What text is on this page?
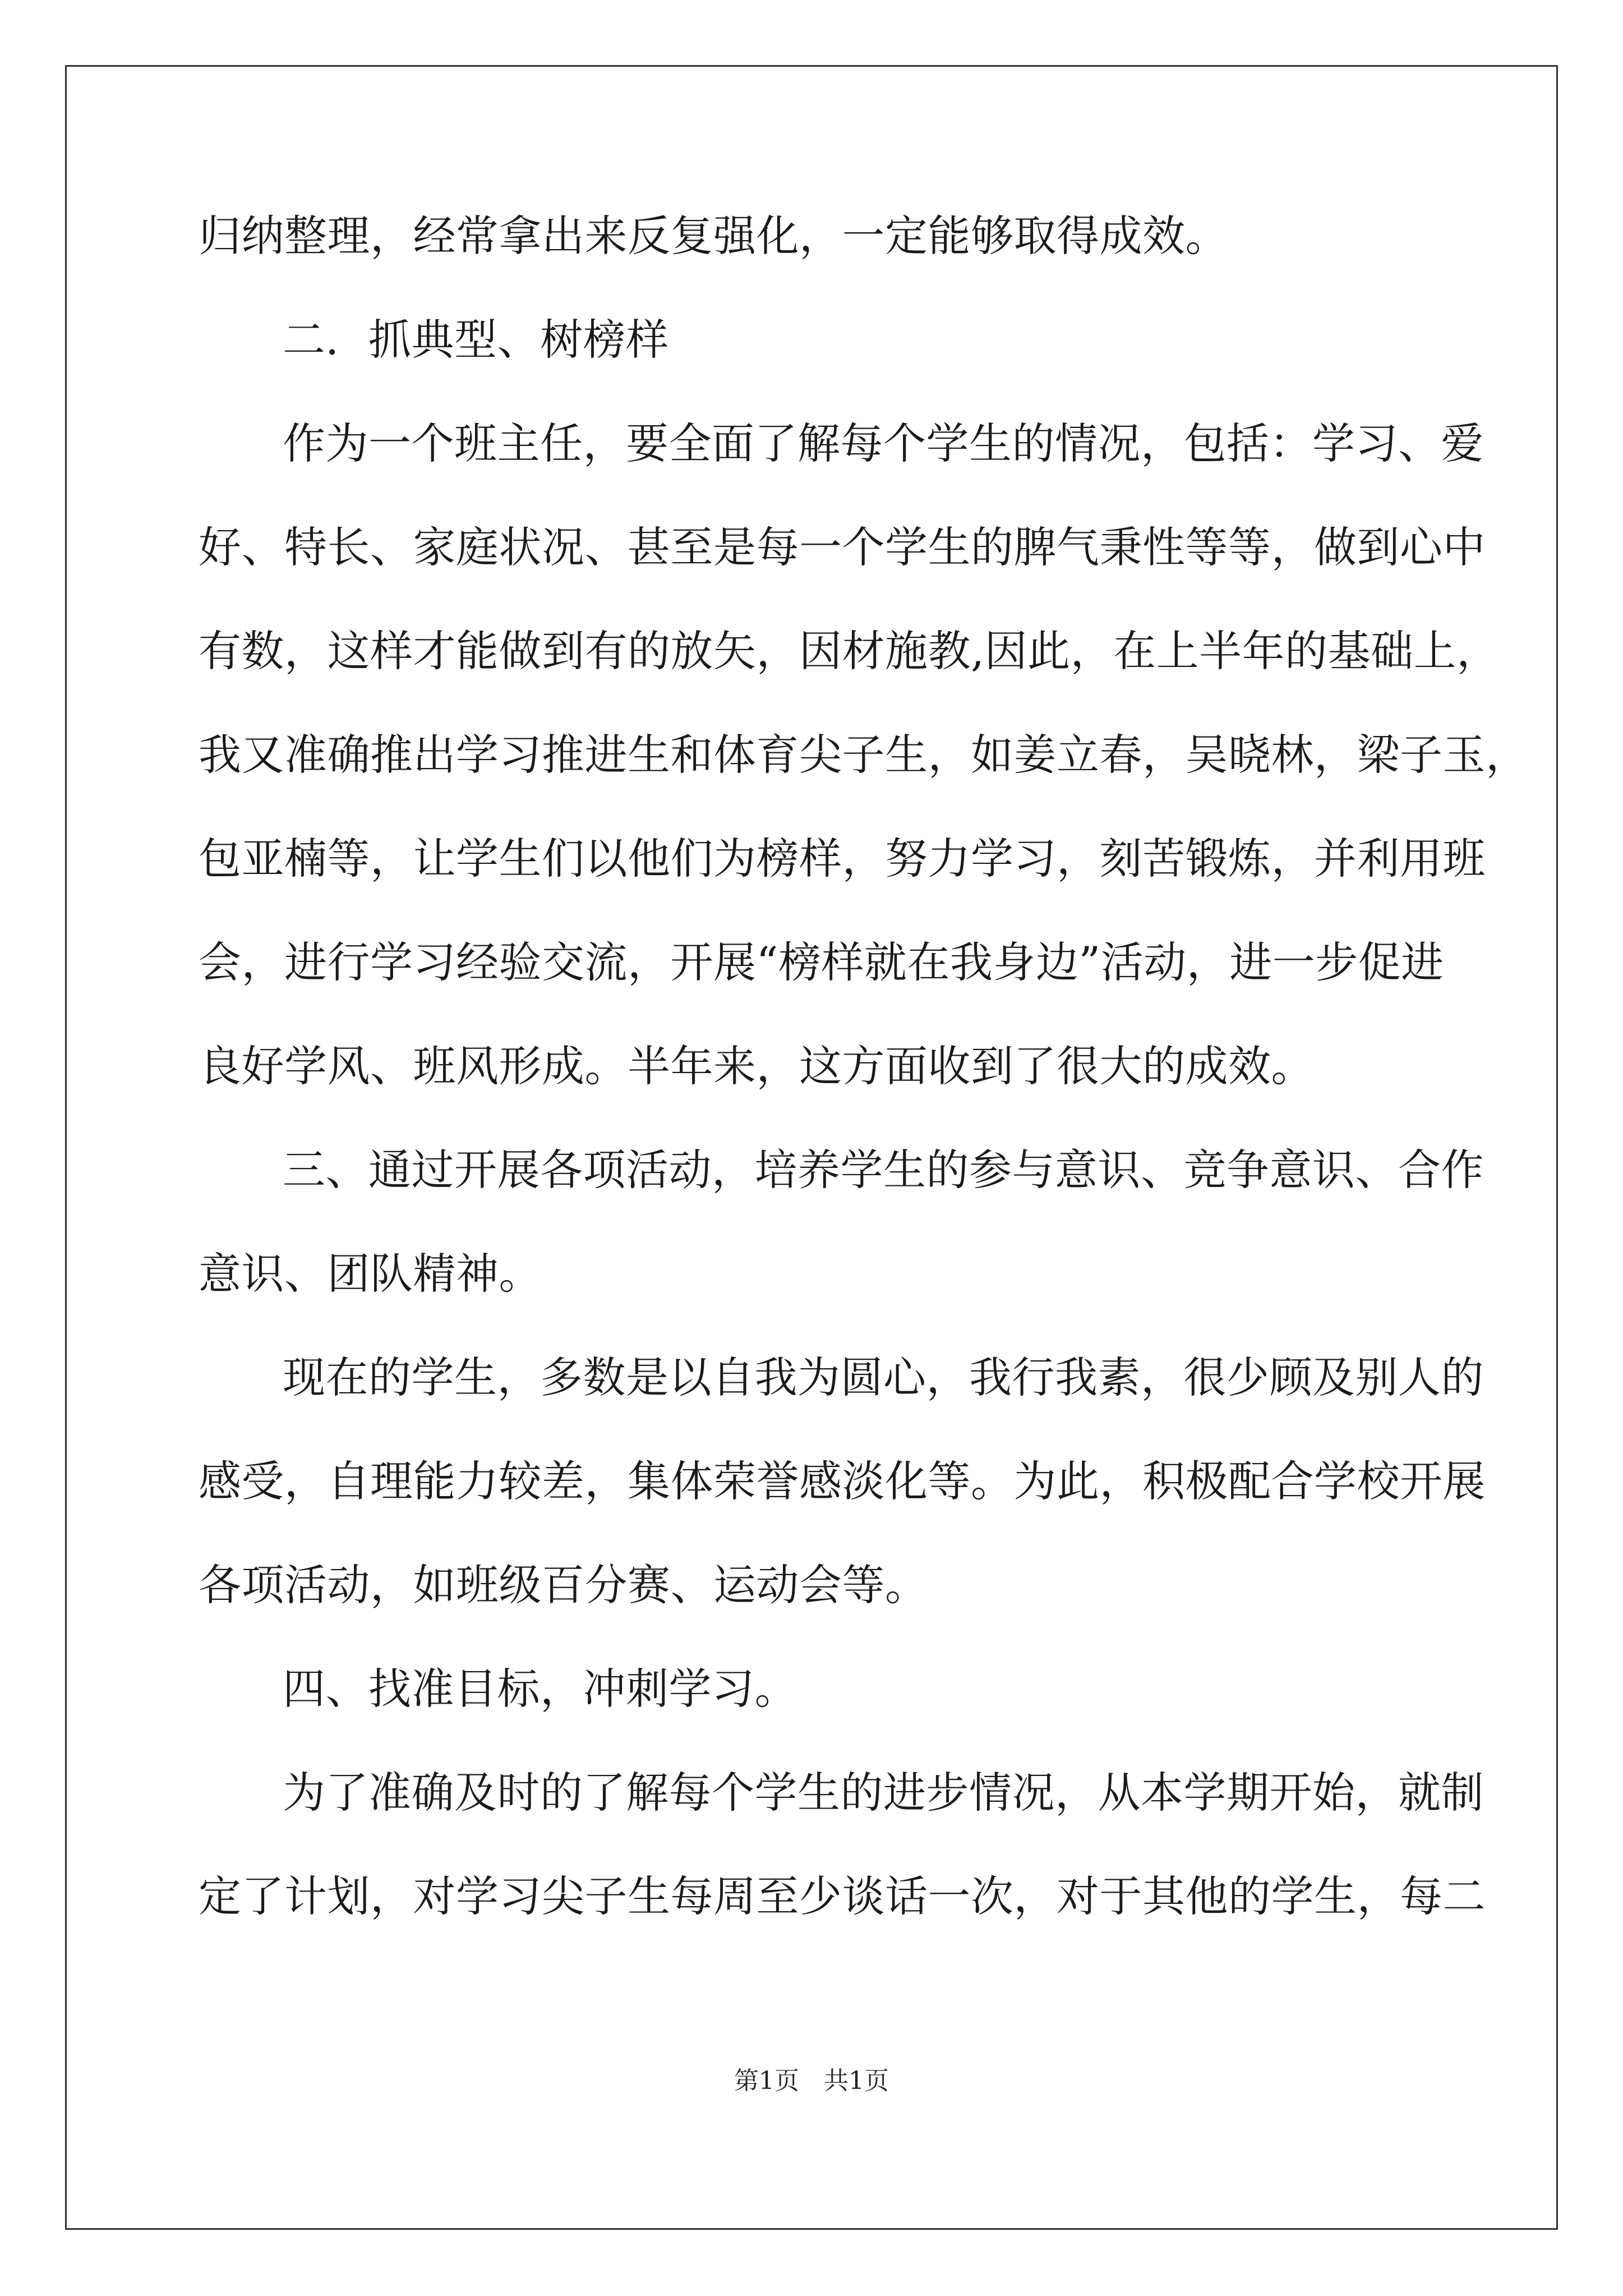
归纳整理，经常拿出来反复强化，一定能够取得成效。
二．抓典型、树榜样
作为一个班主任，要全面了解每个学生的情况，包括：学习、爱
好、特长、家庭状况、甚至是每一个学生的脾气秉性等等，做到心中
有数，这样才能做到有的放矢，因材施教,因此，在上半年的基础上，
我又准确推出学习推进生和体育尖子生，如姜立春，吴晓林，梁子玉，
包亚楠等，让学生们以他们为榜样，努力学习，刻苦锻炼，并利用班
会，进行学习经验交流，开展“榜样就在我身边”活动，进一步促进
良好学风、班风形成。半年来，这方面收到了很大的成效。
三、通过开展各项活动，培养学生的参与意识、竞争意识、合作
意识、团队精神。
现在的学生，多数是以自我为圆心，我行我素，很少顾及别人的
感受，自理能力较差，集体荣誉感淡化等。为此，积极配合学校开展
各项活动，如班级百分赛、运动会等。
四、找准目标，冲刺学习。
为了准确及时的了解每个学生的进步情况，从本学期开始，就制
定了计划，对学习尖子生每周至少谈话一次，对于其他的学生，每二
第1页　共1页
